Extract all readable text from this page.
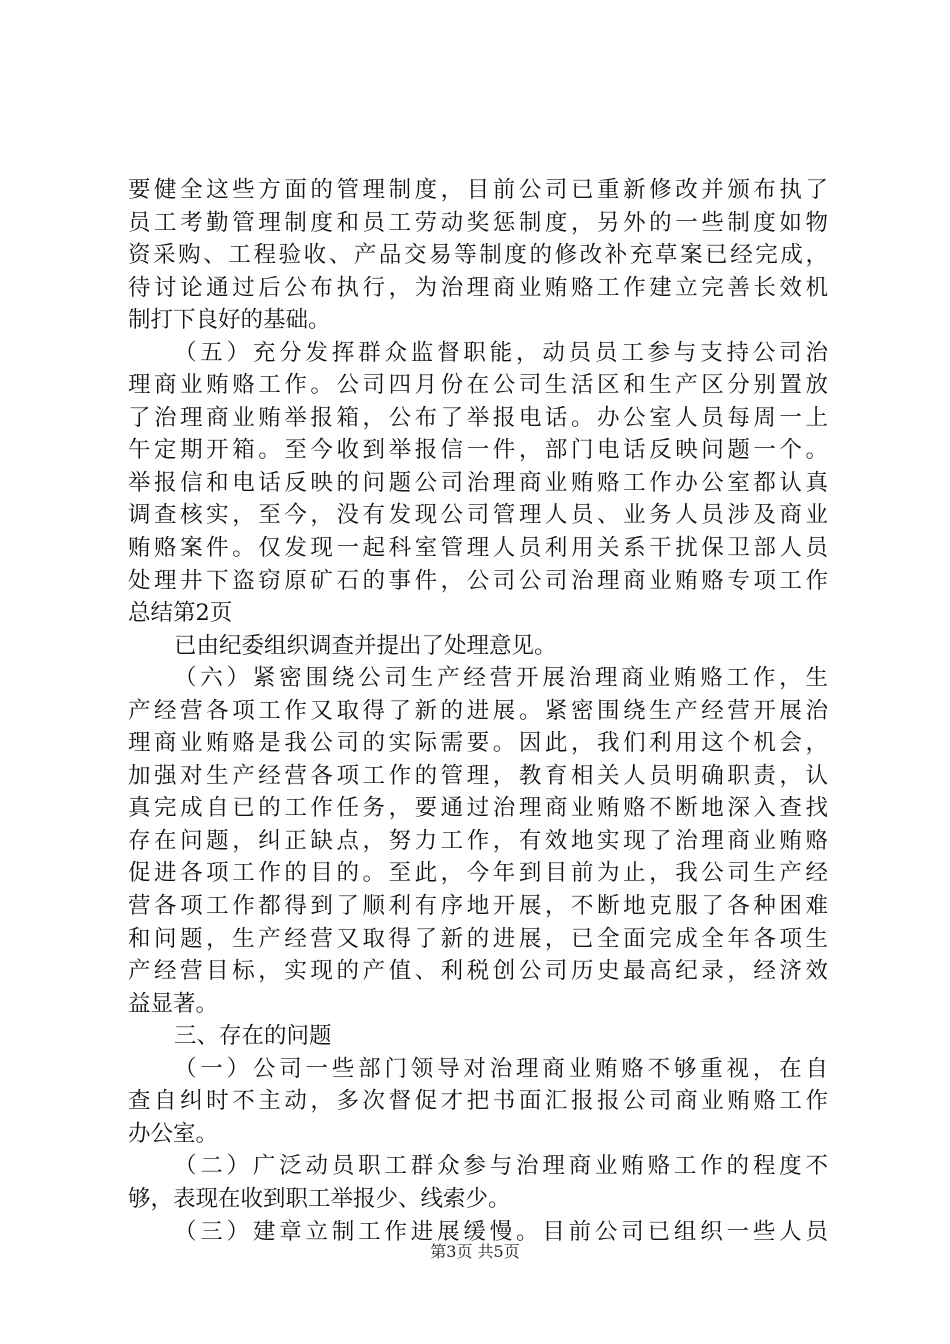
要健全这些方面的管理制度，目前公司已重新修改并颁布执了
员工考勤管理制度和员工劳动奖惩制度，另外的一些制度如物
资采购、工程验收、产品交易等制度的修改补充草案已经完成，
待讨论通过后公布执行，为治理商业贿赂工作建立完善长效机
制打下良好的基础。
（五）充分发挥群众监督职能，动员员工参与支持公司治
理商业贿赂工作。公司四月份在公司生活区和生产区分别置放
了治理商业贿举报箱，公布了举报电话。办公室人员每周一上
午定期开箱。至今收到举报信一件，部门电话反映问题一个。
举报信和电话反映的问题公司治理商业贿赂工作办公室都认真
调查核实，至今，没有发现公司管理人员、业务人员涉及商业
贿赂案件。仅发现一起科室管理人员利用关系干扰保卫部人员
处理井下盗窃原矿石的事件，公司公司治理商业贿赂专项工作
总结第2页
已由纪委组织调查并提出了处理意见。
（六）紧密围绕公司生产经营开展治理商业贿赂工作，生
产经营各项工作又取得了新的进展。紧密围绕生产经营开展治
理商业贿赂是我公司的实际需要。因此，我们利用这个机会，
加强对生产经营各项工作的管理，教育相关人员明确职责，认
真完成自已的工作任务，要通过治理商业贿赂不断地深入查找
存在问题，纠正缺点，努力工作，有效地实现了治理商业贿赂
促进各项工作的目的。至此，今年到目前为止，我公司生产经
营各项工作都得到了顺利有序地开展，不断地克服了各种困难
和问题，生产经营又取得了新的进展，已全面完成全年各项生
产经营目标，实现的产值、利税创公司历史最高纪录，经济效
益显著。
三、存在的问题
（一）公司一些部门领导对治理商业贿赂不够重视，在自
查自纠时不主动，多次督促才把书面汇报报公司商业贿赂工作
办公室。
（二）广泛动员职工群众参与治理商业贿赂工作的程度不
够，表现在收到职工举报少、线索少。
（三）建章立制工作进展缓慢。目前公司已组织一些人员
第3页 共5页
